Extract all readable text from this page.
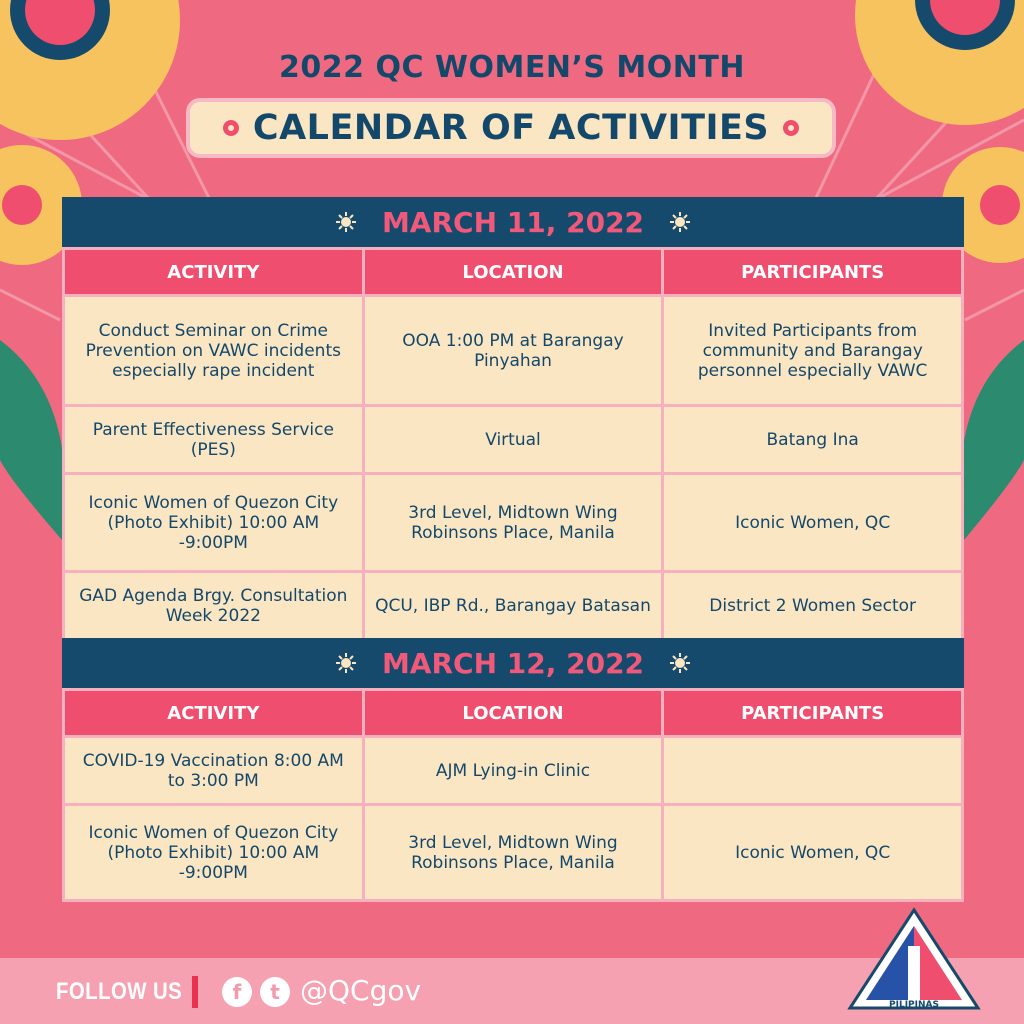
2022 QC WOMEN’S MONTH
CALENDAR OF ACTIVITIES
MARCH 11, 2022
ACTIVITY	LOCATION	PARTICIPANTS
Conduct Seminar on Crime Prevention on VAWC incidents especially rape incident	OOA 1:00 PM at Barangay Pinyahan	Invited Participants from community and Barangay personnel especially VAWC
Parent Effectiveness Service (PES)	Virtual	Batang Ina
Iconic Women of Quezon City (Photo Exhibit) 10:00 AM -9:00PM	3rd Level, Midtown Wing Robinsons Place, Manila	Iconic Women, QC
GAD Agenda Brgy. Consultation Week 2022	QCU, IBP Rd., Barangay Batasan	District 2 Women Sector
MARCH 12, 2022
ACTIVITY	LOCATION	PARTICIPANTS
COVID-19 Vaccination 8:00 AM to 3:00 PM	AJM Lying-in Clinic	
Iconic Women of Quezon City (Photo Exhibit) 10:00 AM -9:00PM	3rd Level, Midtown Wing Robinsons Place, Manila	Iconic Women, QC
FOLLOW US	f	t @QCgov	PILIPINAS
